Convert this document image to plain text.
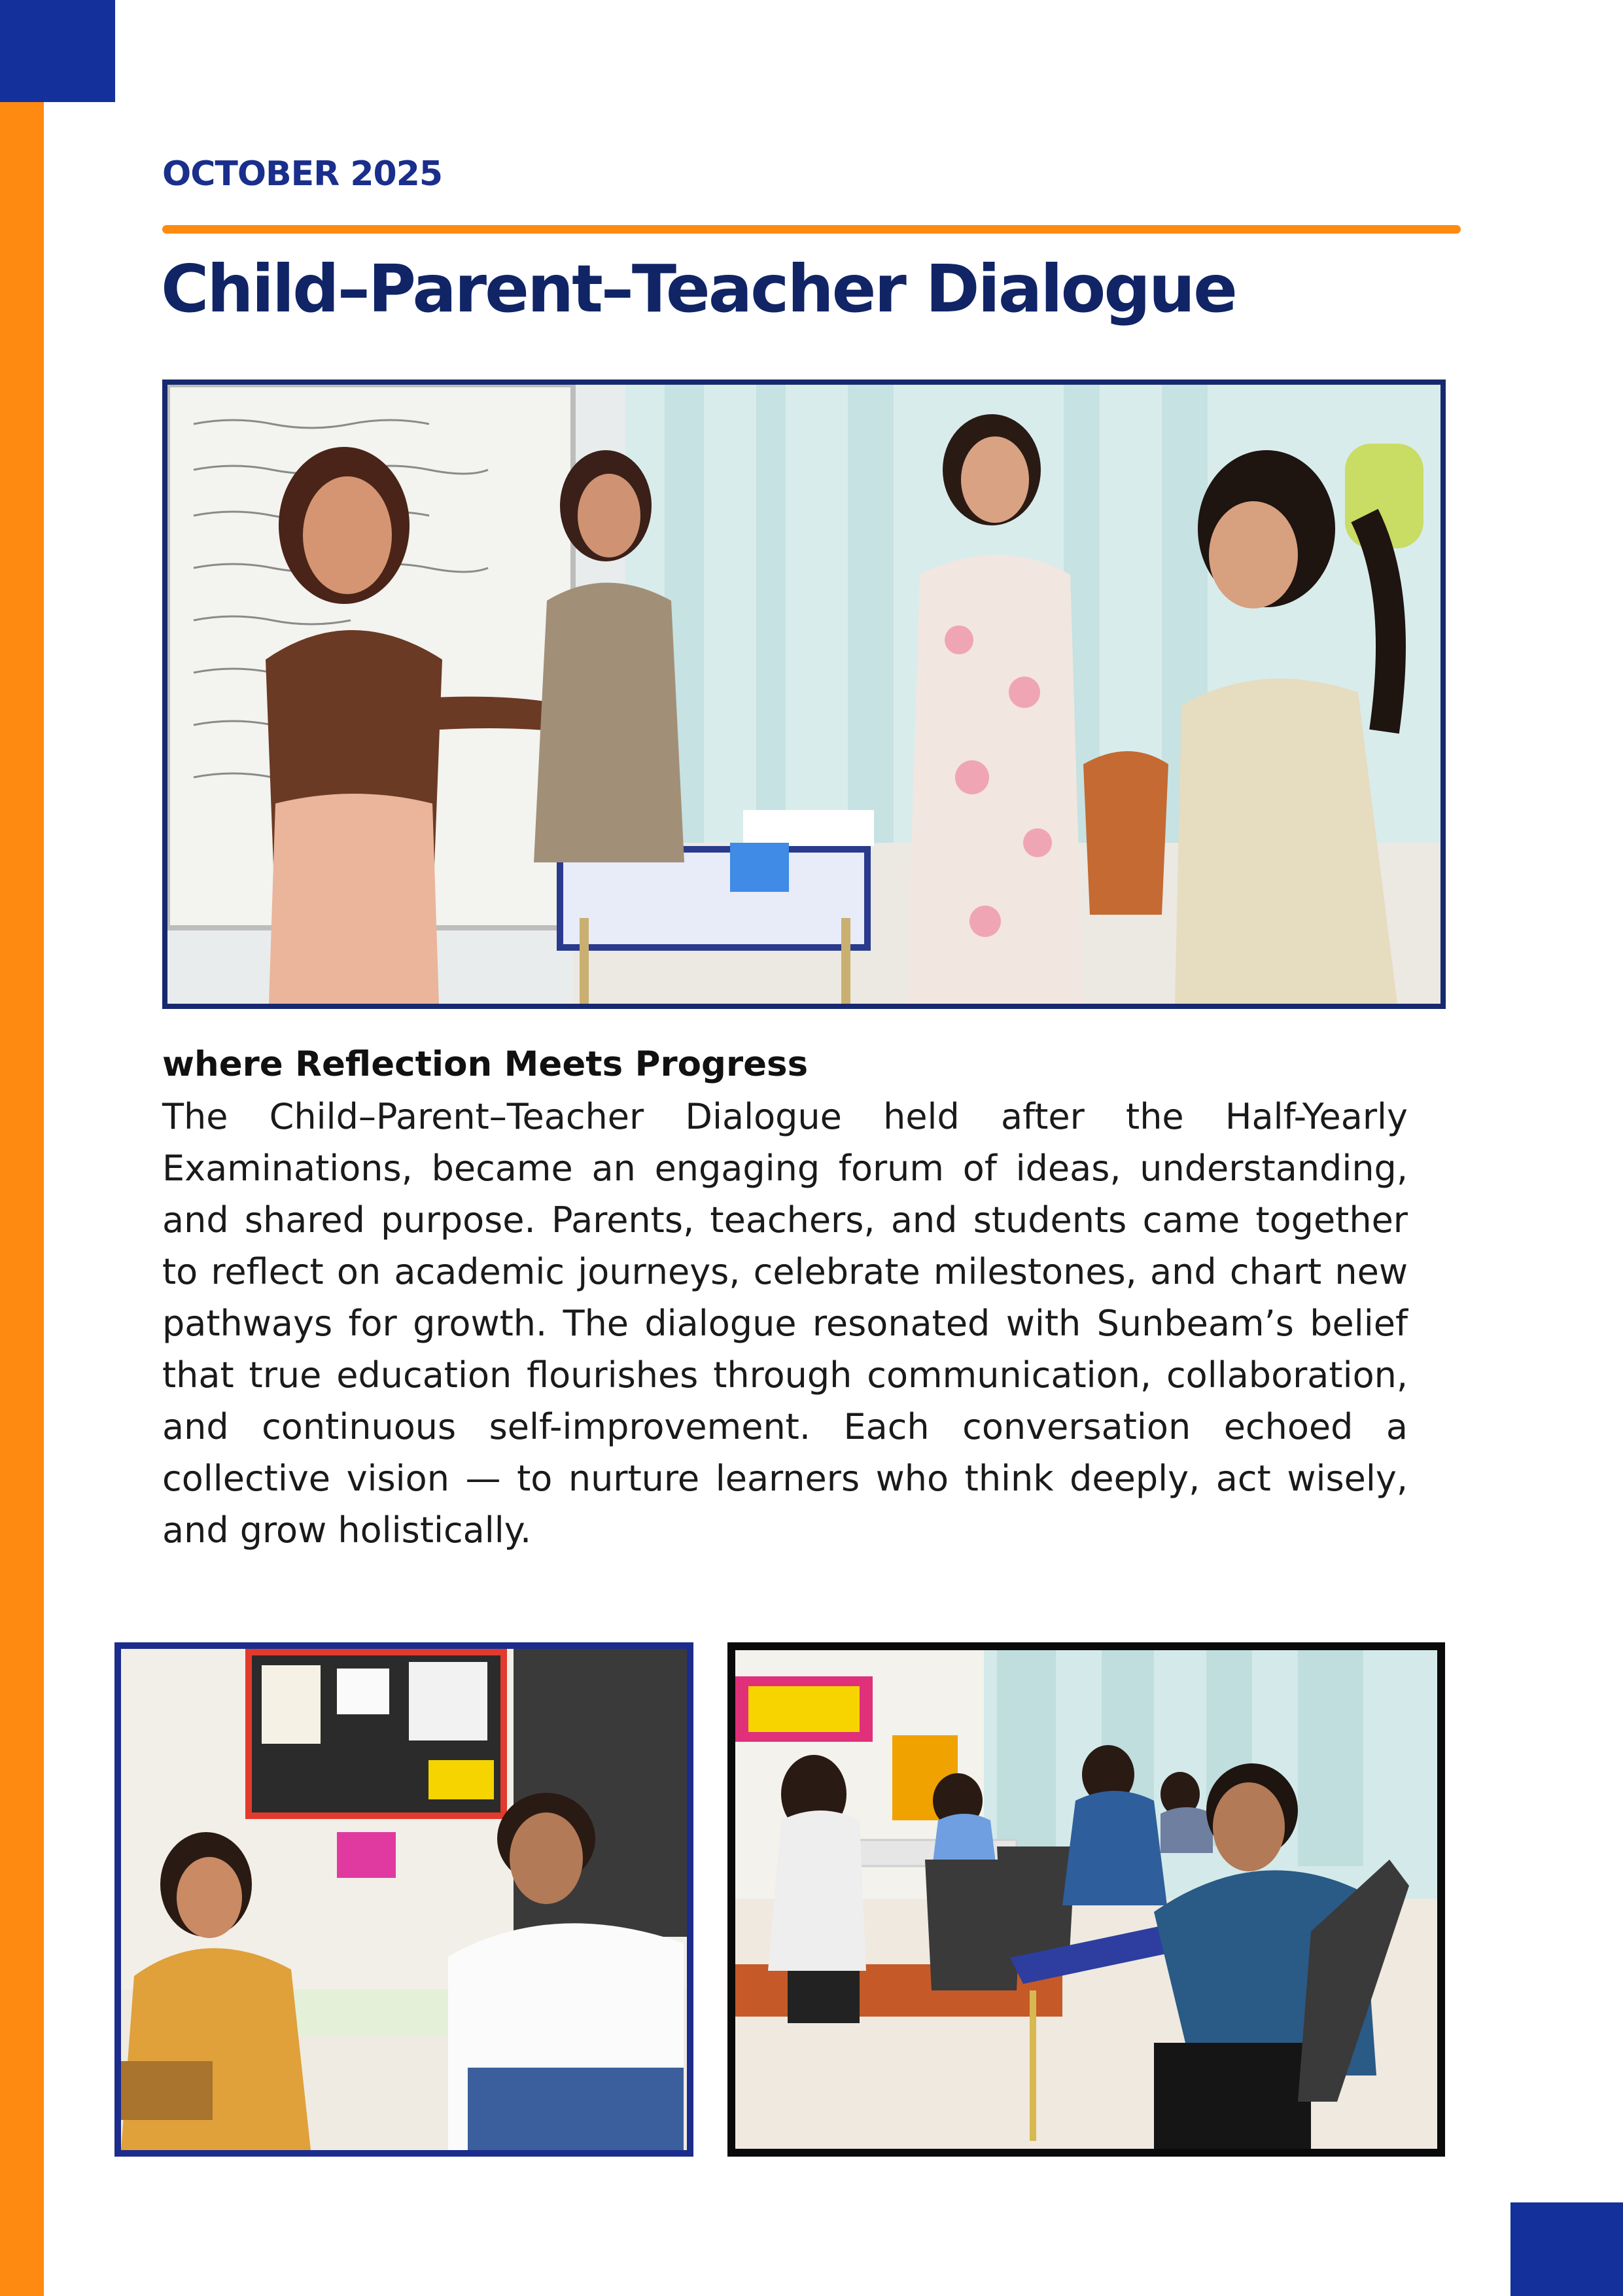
OCTOBER 2025
Child–Parent–Teacher Dialogue
where Reflection Meets Progress

The Child–Parent–Teacher Dialogue held after the Half-Yearly Examinations, became an engaging forum of ideas, understanding, and shared purpose. Parents, teachers, and students came together to reflect on academic journeys, celebrate milestones, and chart new pathways for growth. The dialogue resonated with Sunbeam’s belief that true education flourishes through communication, collaboration, and continuous self-improvement. Each conversation echoed a collective vision — to nurture learners who think deeply, act wisely, and grow holistically.
